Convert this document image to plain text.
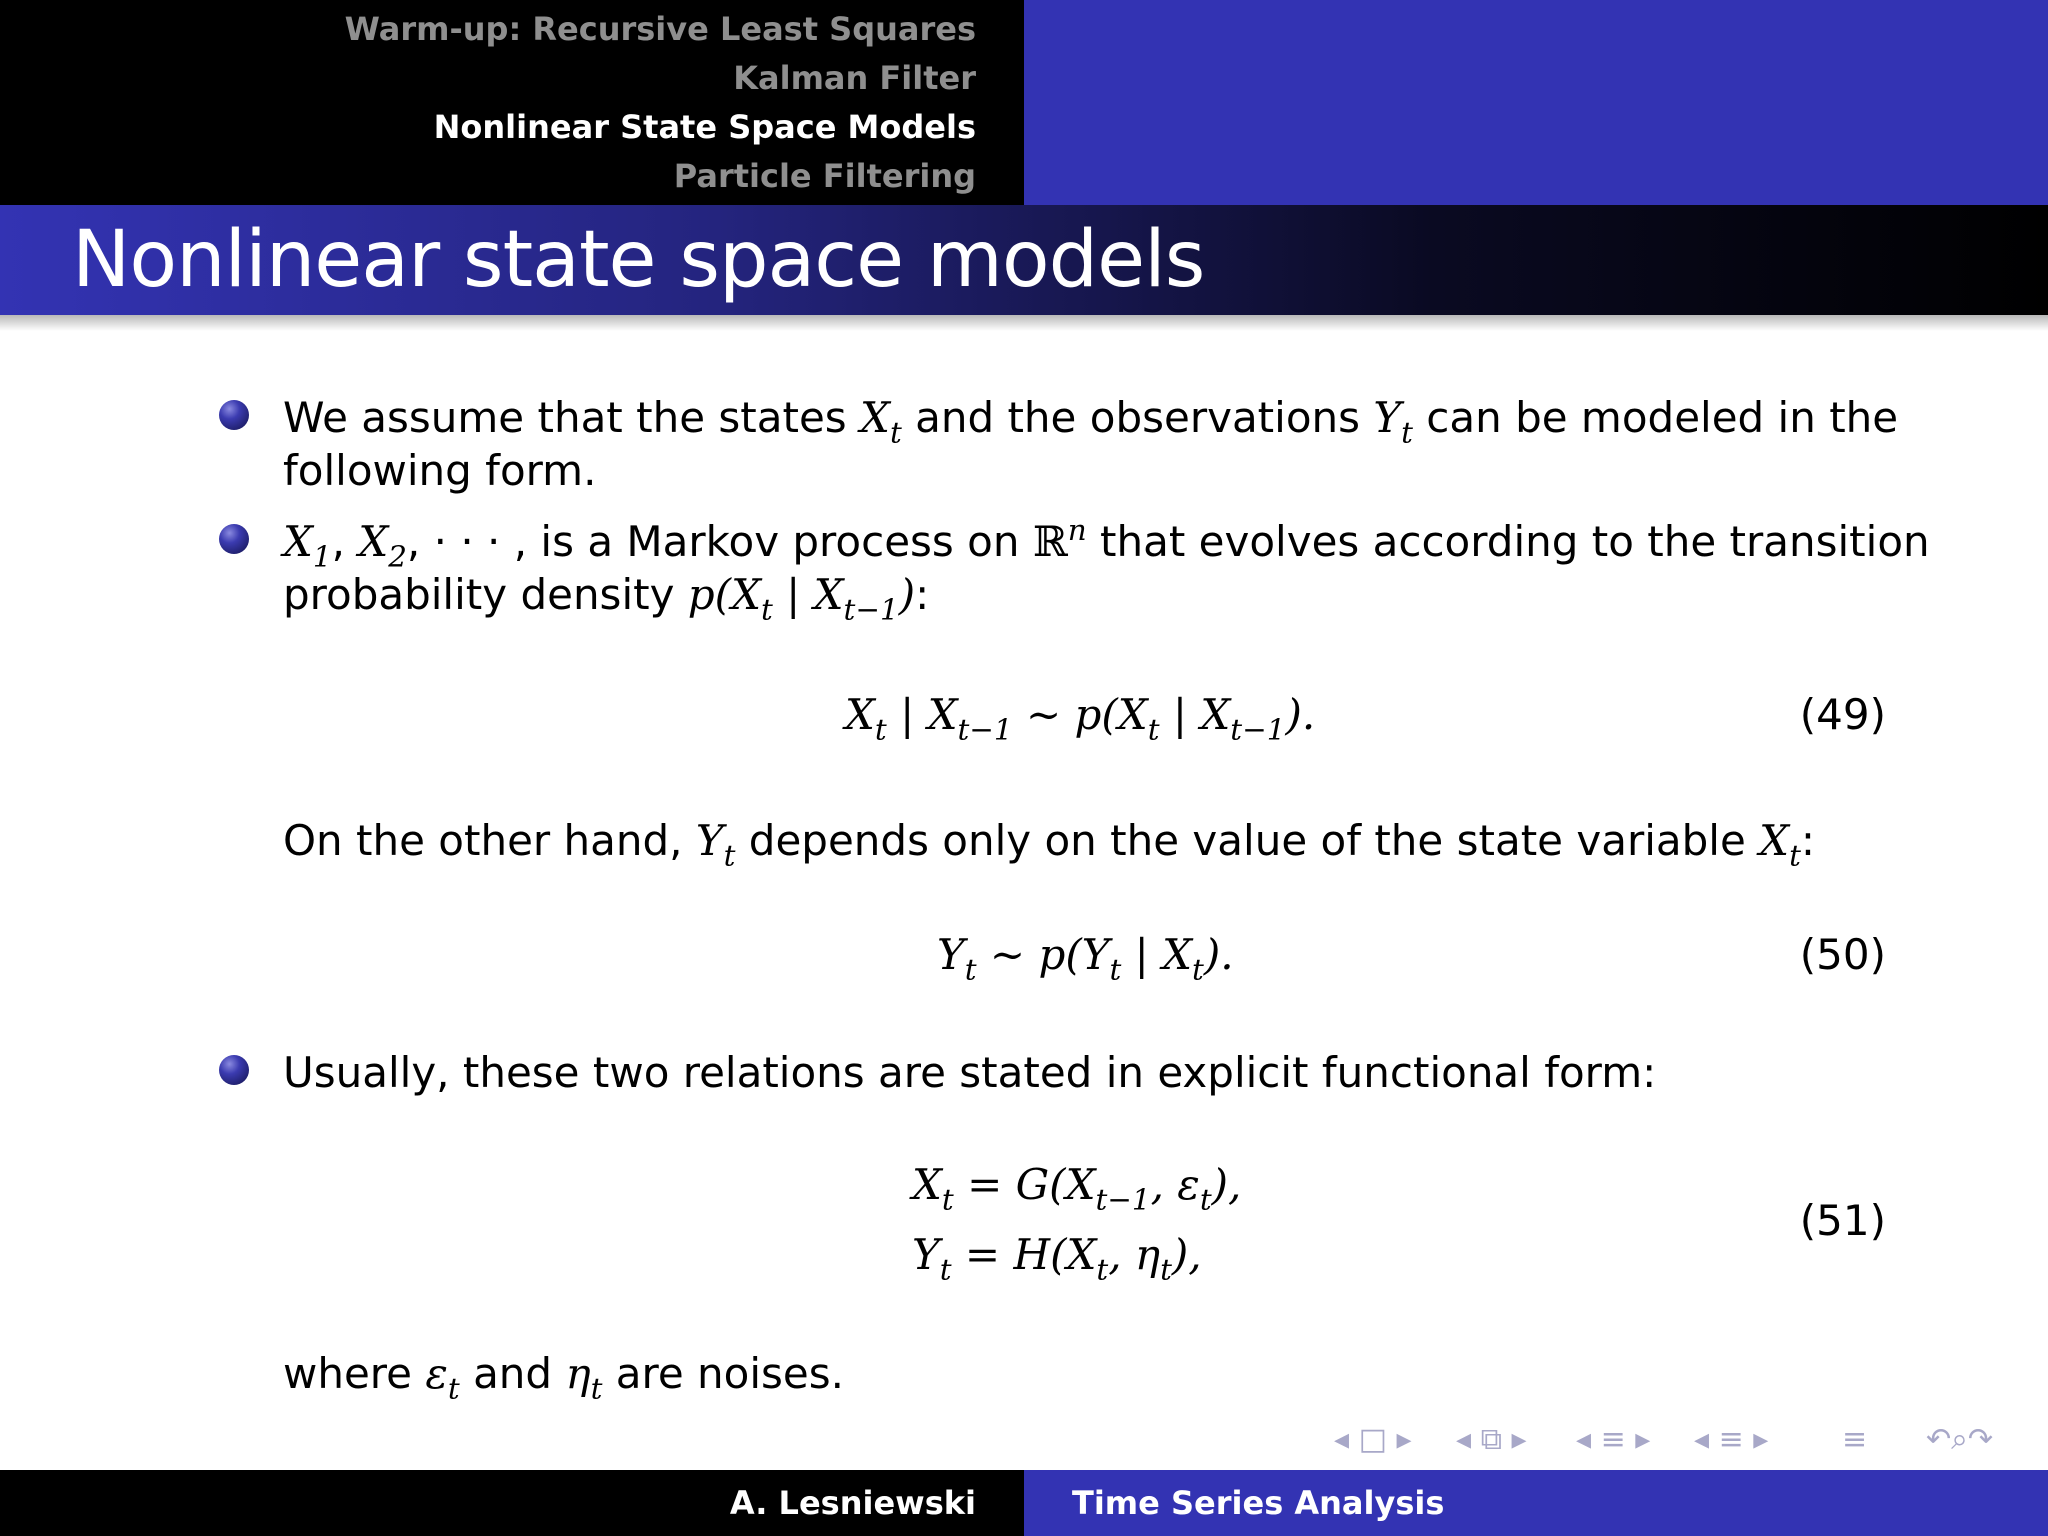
Warm-up: Recursive Least Squares
Kalman Filter
Nonlinear State Space Models
Particle Filtering
Nonlinear state space models
We assume that the states $X_t$ and the observations $Y_t$ can be modeled in the
following form.
$X_1$, $X_2$, · · · , is a Markov process on ℝ$^n$ that evolves according to the transition
probability density $p(X_t$ | $X_{t-1}$):
$X_t$ | $X_{t-1}$ ∼ $p(X_t$ | $X_{t-1}$).	(49)
On the other hand, $Y_t$ depends only on the value of the state variable $X_t$:
$Y_t$ ∼ $p(Y_t$ | $X_t$).	(50)
Usually, these two relations are stated in explicit functional form:
$X_t = G(X_{t-1}$, $\varepsilon_t$),
$Y_t = H(X_t$, $\eta_t$),
(51)
where $\varepsilon_t$ and $\eta_t$ are noises.
◂ □ ▸ ◂ ⧉ ▸ ◂ ≡ ▸ ◂ ≡ ▸ ≡ ↶⌕↷
A. Lesniewski	Time Series Analysis
